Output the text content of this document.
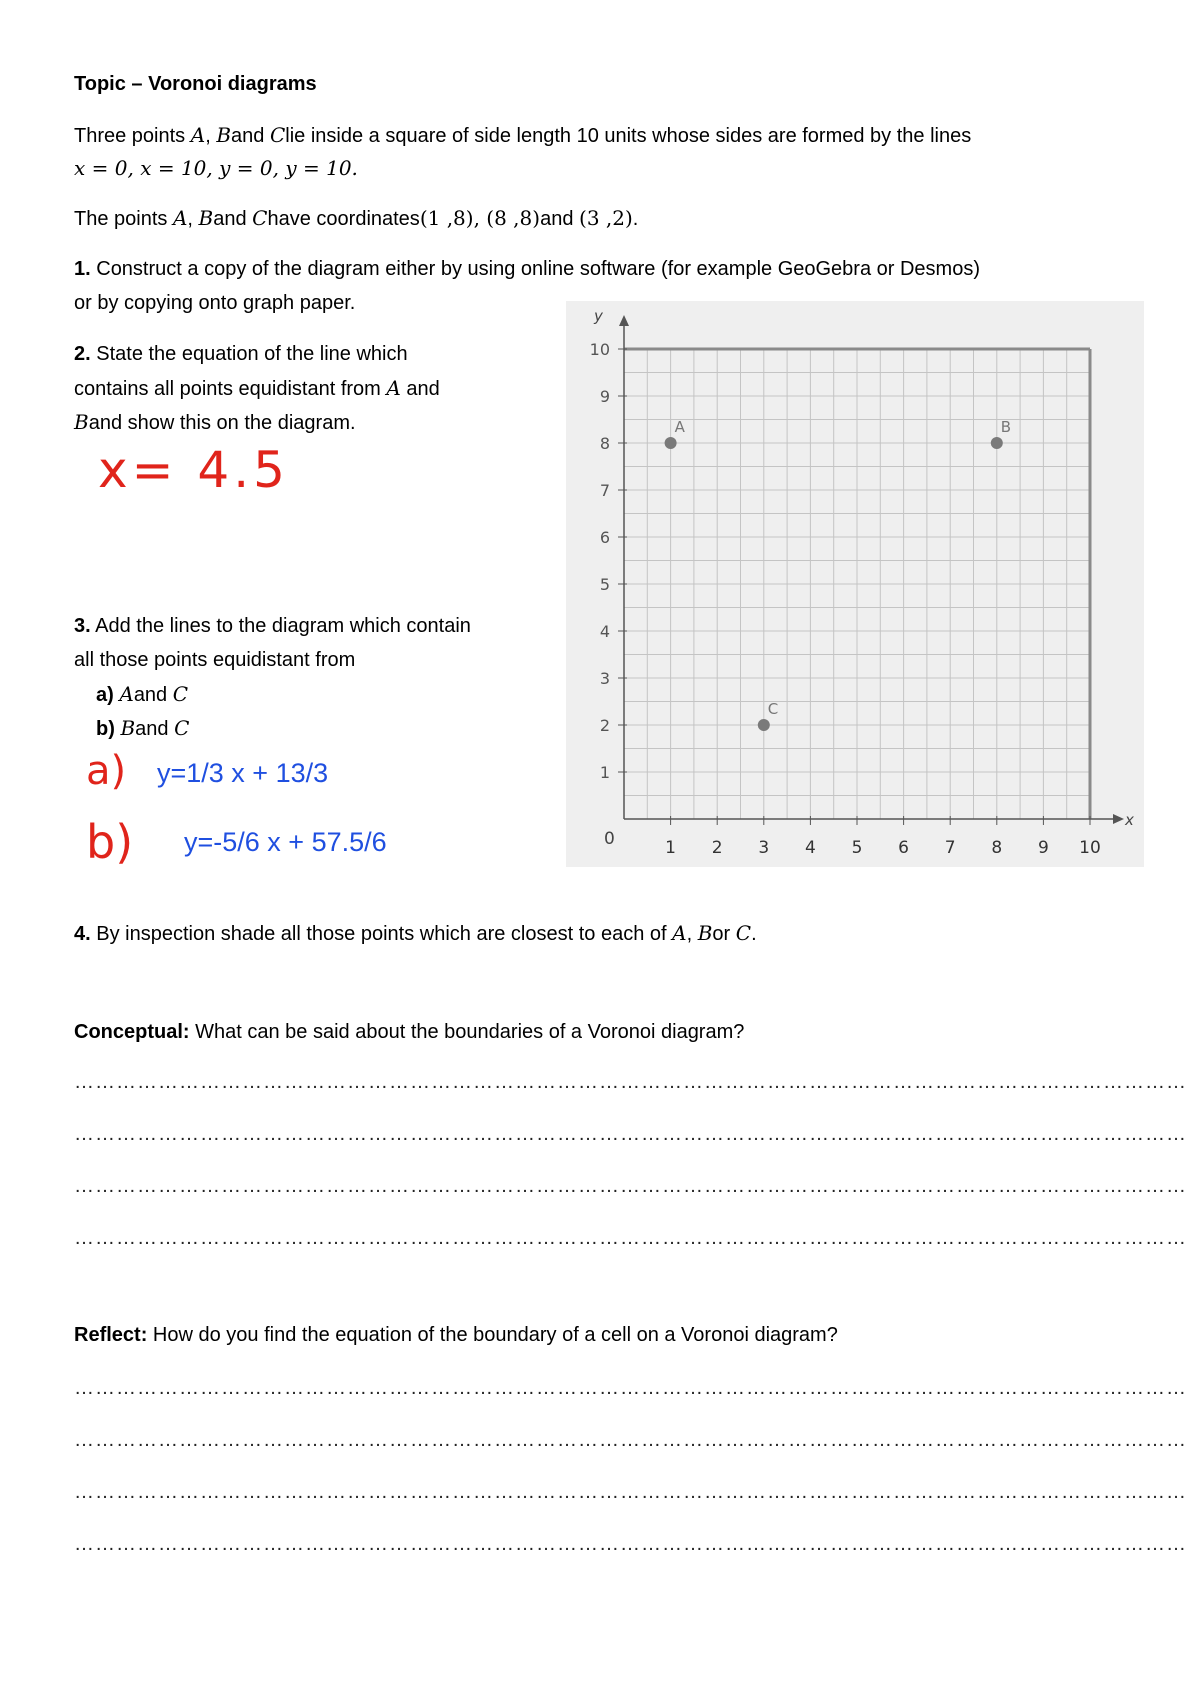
Topic – Voronoi diagrams
Three points A, Band Clie inside a square of side length 10 units whose sides are formed by the lines
x = 0, x = 10, y = 0, y = 10.
The points A, Band Chave coordinates(1 ,8), (8 ,8)and (3 ,2).
1. Construct a copy of the diagram either by using online software (for example GeoGebra or Desmos)
or by copying onto graph paper.
2. State the equation of the line which
contains all points equidistant from A and
Band show this on the diagram.
x= 4.5
3. Add the lines to the diagram which contain
all those points equidistant from
a) Aand C
b) Band C
a) y=1/3 x + 13/3
b) y=-5/6 x + 57.5/6	1 2 3 4 5 6 7 8 9 10
1
2
3
4
5
6
7
8
9
10
A	B
C
x
y
0
4. By inspection shade all those points which are closest to each of A, Bor C.
Conceptual: What can be said about the boundaries of a Voronoi diagram?
……………………………………………………………………………………………………………………………………………
……………………………………………………………………………………………………………………………………………
……………………………………………………………………………………………………………………………………………
……………………………………………………………………………………………………………………………………………
Reflect: How do you find the equation of the boundary of a cell on a Voronoi diagram?
……………………………………………………………………………………………………………………………………………
……………………………………………………………………………………………………………………………………………
……………………………………………………………………………………………………………………………………………
……………………………………………………………………………………………………………………………………………
